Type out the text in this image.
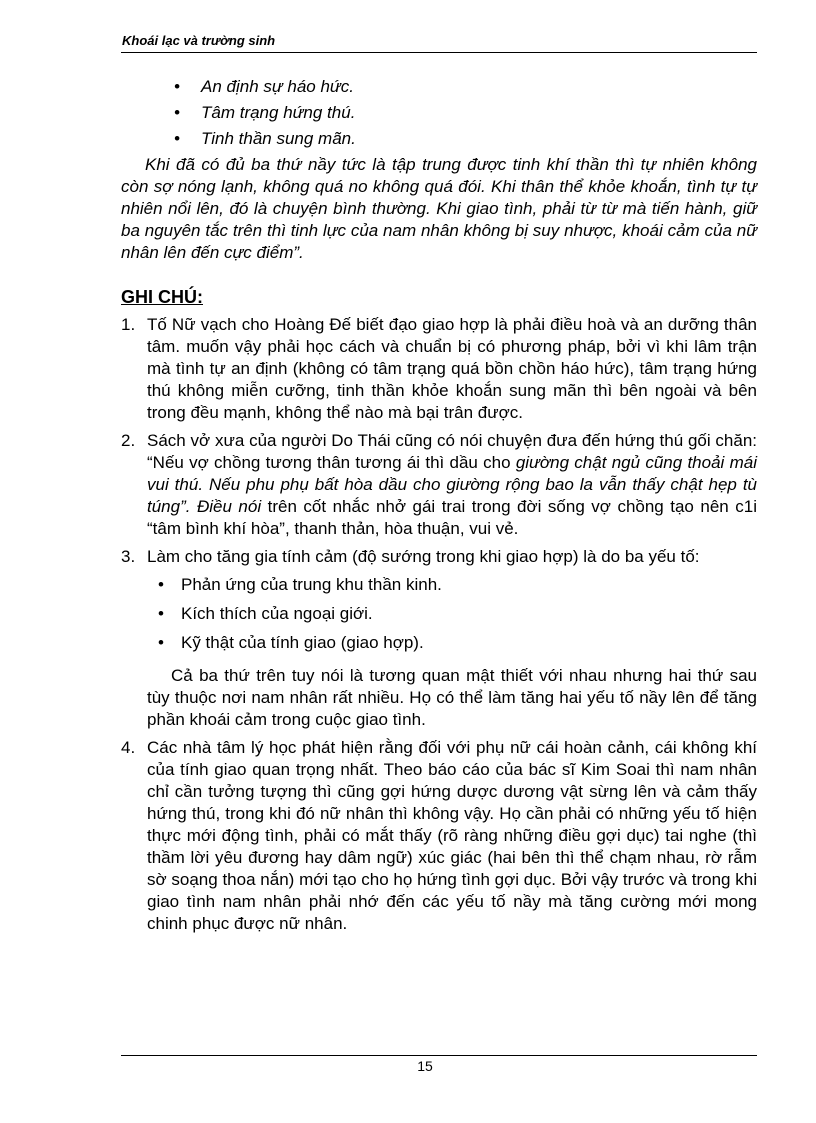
Khoái lạc và trường sinh
• An định sự háo hức.
• Tâm trạng hứng thú.
• Tinh thần sung mãn.

Khi đã có đủ ba thứ nầy tức là tập trung được tinh khí thần thì tự nhiên không còn sợ nóng lạnh, không quá no không quá đói. Khi thân thể khỏe khoắn, tình tự tự nhiên nổi lên, đó là chuyện bình thường. Khi giao tình, phải từ từ mà tiến hành, giữ ba nguyên tắc trên thì tinh lực của nam nhân không bị suy nhược, khoái cảm của nữ nhân lên đến cực điểm”.

GHI CHÚ:
1. Tố Nữ vạch cho Hoàng Đế biết đạo giao hợp là phải điều hoà và an dưỡng thân tâm. muốn vậy phải học cách và chuẩn bị có phương pháp, bởi vì khi lâm trận mà tình tự an định (không có tâm trạng quá bồn chồn háo hức), tâm trạng hứng thú không miễn cưỡng, tinh thần khỏe khoắn sung mãn thì bên ngoài và bên trong đều mạnh, không thể nào mà bại trân được.
2. Sách vở xưa của người Do Thái cũng có nói chuyện đưa đến hứng thú gối chăn: “Nếu vợ chồng tương thân tương ái thì dầu cho giường chật ngủ cũng thoải mái vui thú. Nếu phu phụ bất hòa dầu cho giường rộng bao la vẫn thấy chật hẹp tù túng”. Điều nói trên cốt nhắc nhở gái trai trong đời sống vợ chồng tạo nên c1i “tâm bình khí hòa”, thanh thản, hòa thuận, vui vẻ.
3. Làm cho tăng gia tính cảm (độ sướng trong khi giao hợp) là do ba yếu tố:
• Phản ứng của trung khu thần kinh.
• Kích thích của ngoại giới.
• Kỹ thật của tính giao (giao hợp).

Cả ba thứ trên tuy nói là tương quan mật thiết với nhau nhưng hai thứ sau tùy thuộc nơi nam nhân rất nhiều. Họ có thể làm tăng hai yếu tố nầy lên để tăng phần khoái cảm trong cuộc giao tình.

4. Các nhà tâm lý học phát hiện rằng đối với phụ nữ cái hoàn cảnh, cái không khí của tính giao quan trọng nhất. Theo báo cáo của bác sĩ Kim Soai thì nam nhân chỉ cần tưởng tượng thì cũng gợi hứng dược dương vật sừng lên và cảm thấy hứng thú, trong khi đó nữ nhân thì không vậy. Họ cần phải có những yếu tố hiện thực mới động tình, phải có mắt thấy (rõ ràng những điều gợi dục) tai nghe (thì thầm lời yêu đương hay dâm ngữ) xúc giác (hai bên thì thể chạm nhau, rờ rẫm sờ soạng thoa nắn) mới tạo cho họ hứng tình gợi dục. Bởi vậy trước và trong khi giao tình nam nhân phải nhớ đến các yếu tố nầy mà tăng cường mới mong chinh phục được nữ nhân.
15
